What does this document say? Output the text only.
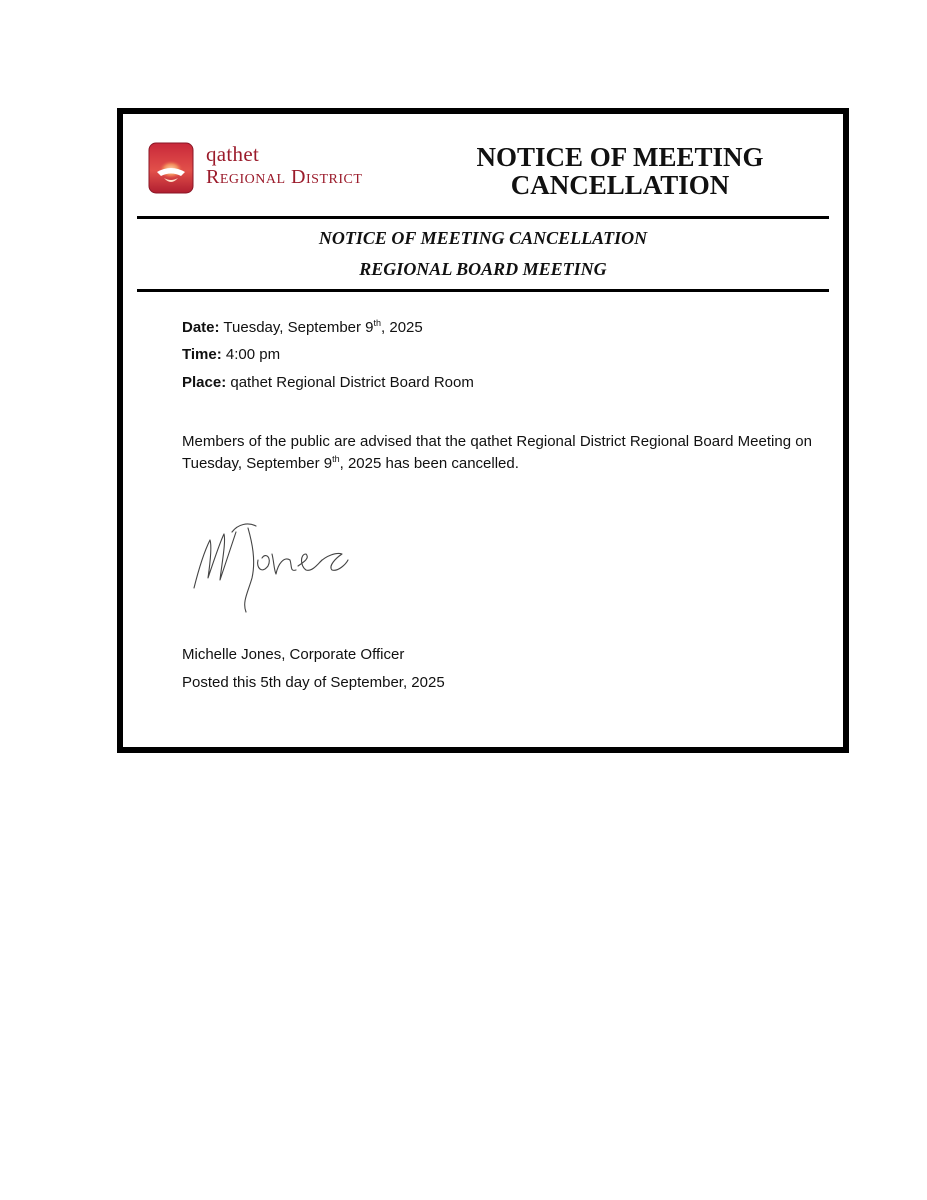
qathet
Regional District
NOTICE OF MEETING
CANCELLATION
NOTICE OF MEETING CANCELLATION
REGIONAL BOARD MEETING
Date: Tuesday, September 9th, 2025
Time: 4:00 pm
Place: qathet Regional District Board Room
Members of the public are advised that the qathet Regional District Regional Board Meeting on Tuesday, September 9th, 2025 has been cancelled.
Michelle Jones, Corporate Officer
Posted this 5th day of September, 2025
